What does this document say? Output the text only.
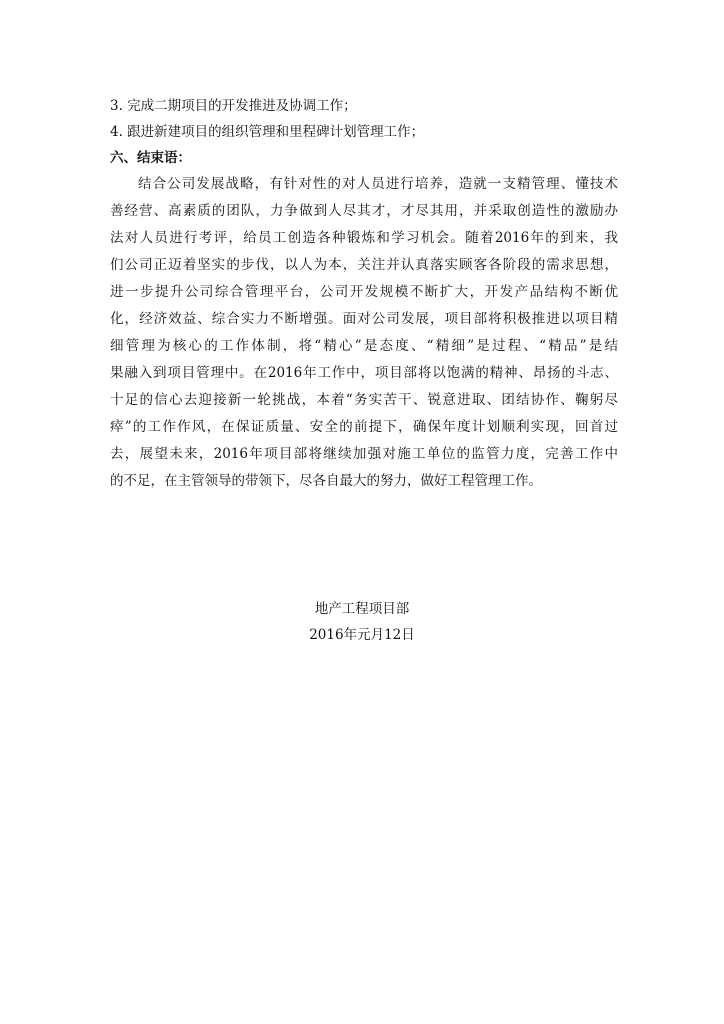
3. 完成二期项目的开发推进及协调工作；
4. 跟进新建项目的组织管理和里程碑计划管理工作；
六、结束语：
结合公司发展战略，有针对性的对人员进行培养，造就一支精管理、懂技术
善经营、高素质的团队，力争做到人尽其才，才尽其用，并采取创造性的激励办
法对人员进行考评，给员工创造各种锻炼和学习机会。随着2016年的到来，我
们公司正迈着坚实的步伐，以人为本，关注并认真落实顾客各阶段的需求思想，
进一步提升公司综合管理平台，公司开发规模不断扩大，开发产品结构不断优
化，经济效益、综合实力不断增强。面对公司发展，项目部将积极推进以项目精
细管理为核心的工作体制，将“精心”是态度、“精细”是过程、“精品”是结
果融入到项目管理中。在2016年工作中，项目部将以饱满的精神、昂扬的斗志、
十足的信心去迎接新一轮挑战，本着“务实苦干、锐意进取、团结协作、鞠躬尽
瘁”的工作作风，在保证质量、安全的前提下，确保年度计划顺利实现，回首过
去，展望未来，2016年项目部将继续加强对施工单位的监管力度，完善工作中
的不足，在主管领导的带领下，尽各自最大的努力，做好工程管理工作。
地产工程项目部
2016年元月12日
